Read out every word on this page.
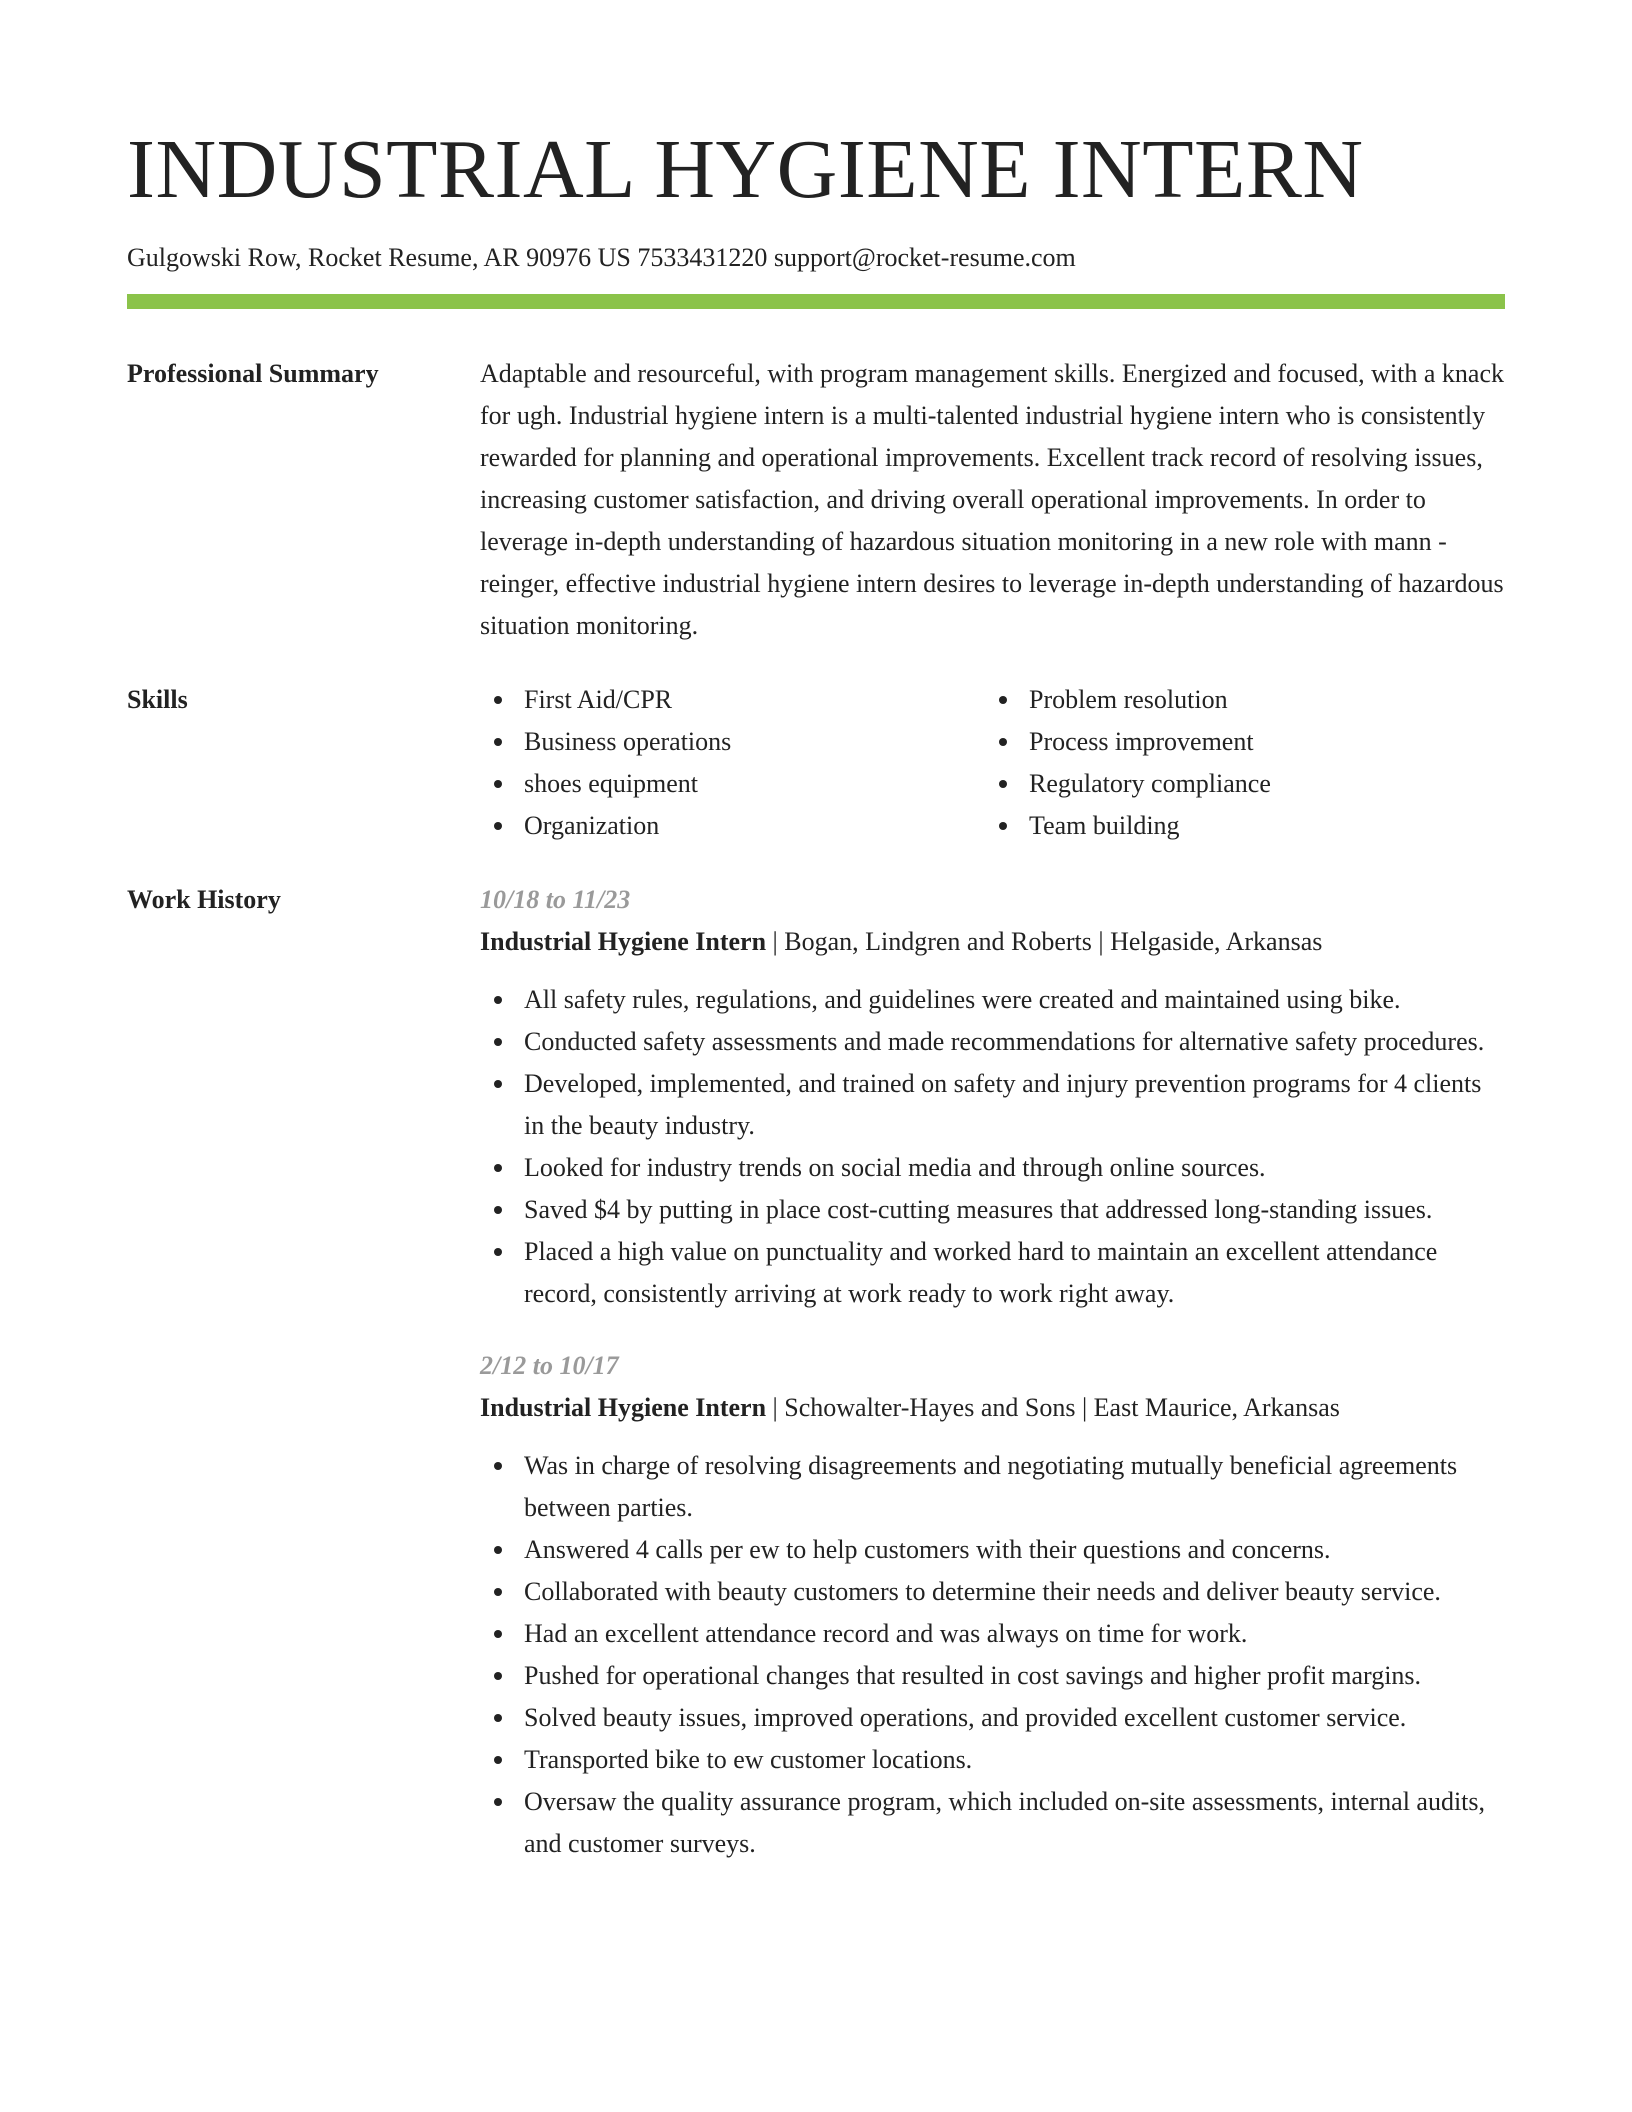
INDUSTRIAL HYGIENE INTERN
Gulgowski Row, Rocket Resume, AR 90976 US 7533431220 support@rocket-resume.com
Professional Summary	Adaptable and resourceful, with program management skills. Energized and focused, with a knack for ugh. Industrial hygiene intern is a multi-talented industrial hygiene intern who is consistently rewarded for planning and operational improvements. Excellent track record of resolving issues, increasing customer satisfaction, and driving overall operational improvements. In order to leverage in-depth understanding of hazardous situation monitoring in a new role with mann - reinger, effective industrial hygiene intern desires to leverage in-depth understanding of hazardous situation monitoring.
Skills	First Aid/CPR
Business operations
shoes equipment
Organization
Problem resolution
Process improvement
Regulatory compliance
Team building
Work History	10/18 to 11/23
Industrial Hygiene Intern | Bogan, Lindgren and Roberts | Helgaside, Arkansas
All safety rules, regulations, and guidelines were created and maintained using bike.
Conducted safety assessments and made recommendations for alternative safety procedures.
Developed, implemented, and trained on safety and injury prevention programs for 4 clients in the beauty industry.
Looked for industry trends on social media and through online sources.
Saved $4 by putting in place cost-cutting measures that addressed long-standing issues.
Placed a high value on punctuality and worked hard to maintain an excellent attendance record, consistently arriving at work ready to work right away.
2/12 to 10/17
Industrial Hygiene Intern | Schowalter-Hayes and Sons | East Maurice, Arkansas
Was in charge of resolving disagreements and negotiating mutually beneficial agreements between parties.
Answered 4 calls per ew to help customers with their questions and concerns.
Collaborated with beauty customers to determine their needs and deliver beauty service.
Had an excellent attendance record and was always on time for work.
Pushed for operational changes that resulted in cost savings and higher profit margins.
Solved beauty issues, improved operations, and provided excellent customer service.
Transported bike to ew customer locations.
Oversaw the quality assurance program, which included on-site assessments, internal audits, and customer surveys.
